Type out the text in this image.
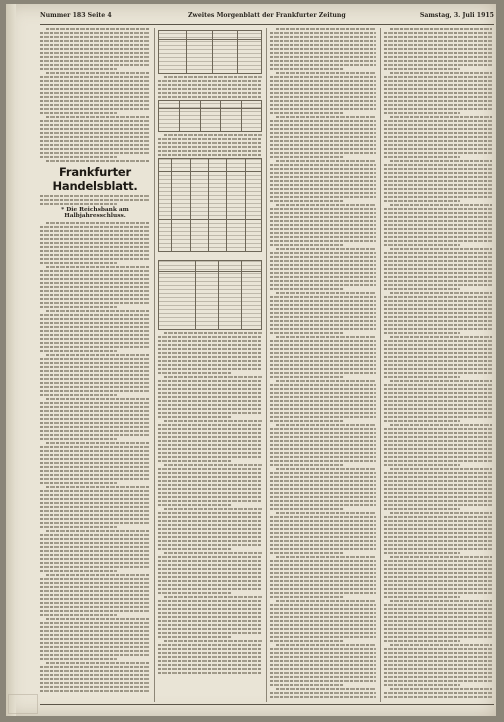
Nummer 183 Seite 4	Zweites Morgenblatt der Frankfurter Zeitung	Samstag, 3. Juli 1915
Frankfurter Handelsblatt.
* Die Reichsbank am Halbjahresschluss.
